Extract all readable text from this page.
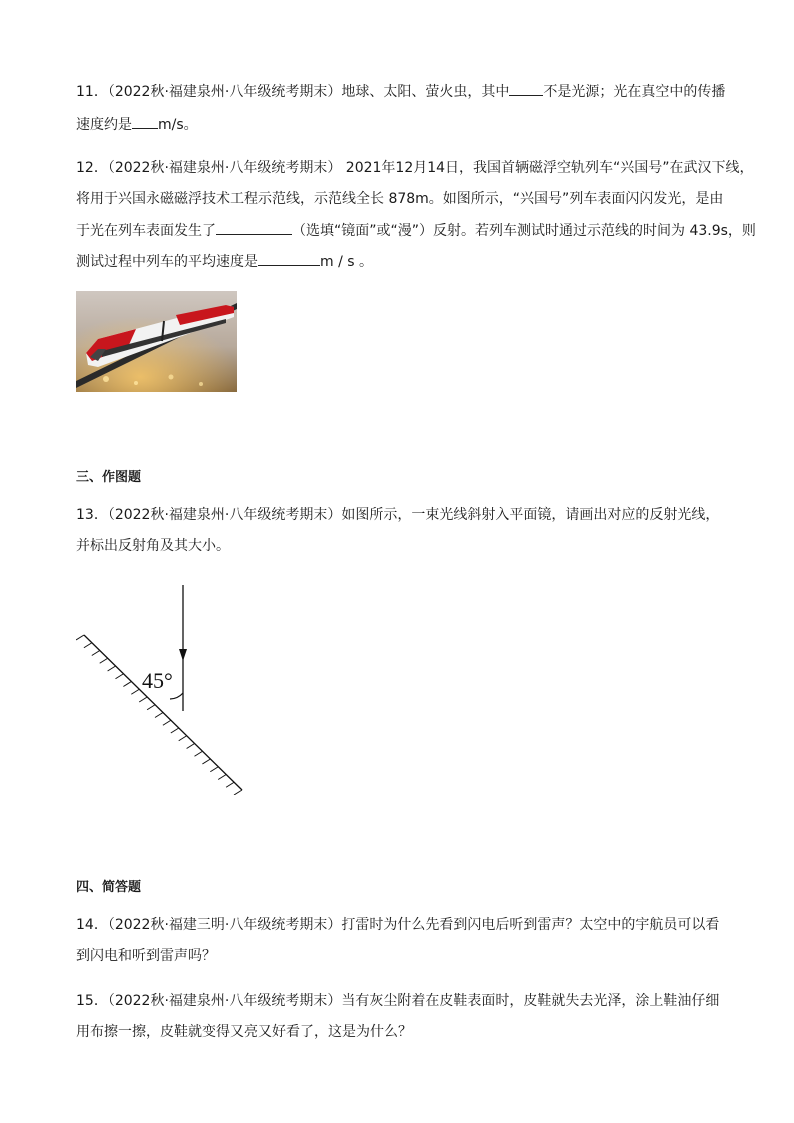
11．（2022秋·福建泉州·八年级统考期末）地球、太阳、萤火虫，其中 不是光源；光在真空中的传播
速度约是 m/s。
12．（2022秋·福建泉州·八年级统考期末） 2021年12月14日，我国首辆磁浮空轨列车“兴国号”在武汉下线，
将用于兴国永磁磁浮技术工程示范线，示范线全长 878m。如图所示，“兴国号”列车表面闪闪发光，是由
于光在列车表面发生了	（选填“镜面”或“漫”）反射。若列车测试时通过示范线的时间为 43.9s，则
测试过程中列车的平均速度是	m / s 。
三、作图题
13．（2022秋·福建泉州·八年级统考期末）如图所示，一束光线斜射入平面镜，请画出对应的反射光线，
并标出反射角及其大小。
45°
四、简答题
14．（2022秋·福建三明·八年级统考期末）打雷时为什么先看到闪电后听到雷声？太空中的宇航员可以看
到闪电和听到雷声吗？
15．（2022秋·福建泉州·八年级统考期末）当有灰尘附着在皮鞋表面时，皮鞋就失去光泽，涂上鞋油仔细
用布擦一擦，皮鞋就变得又亮又好看了，这是为什么？
